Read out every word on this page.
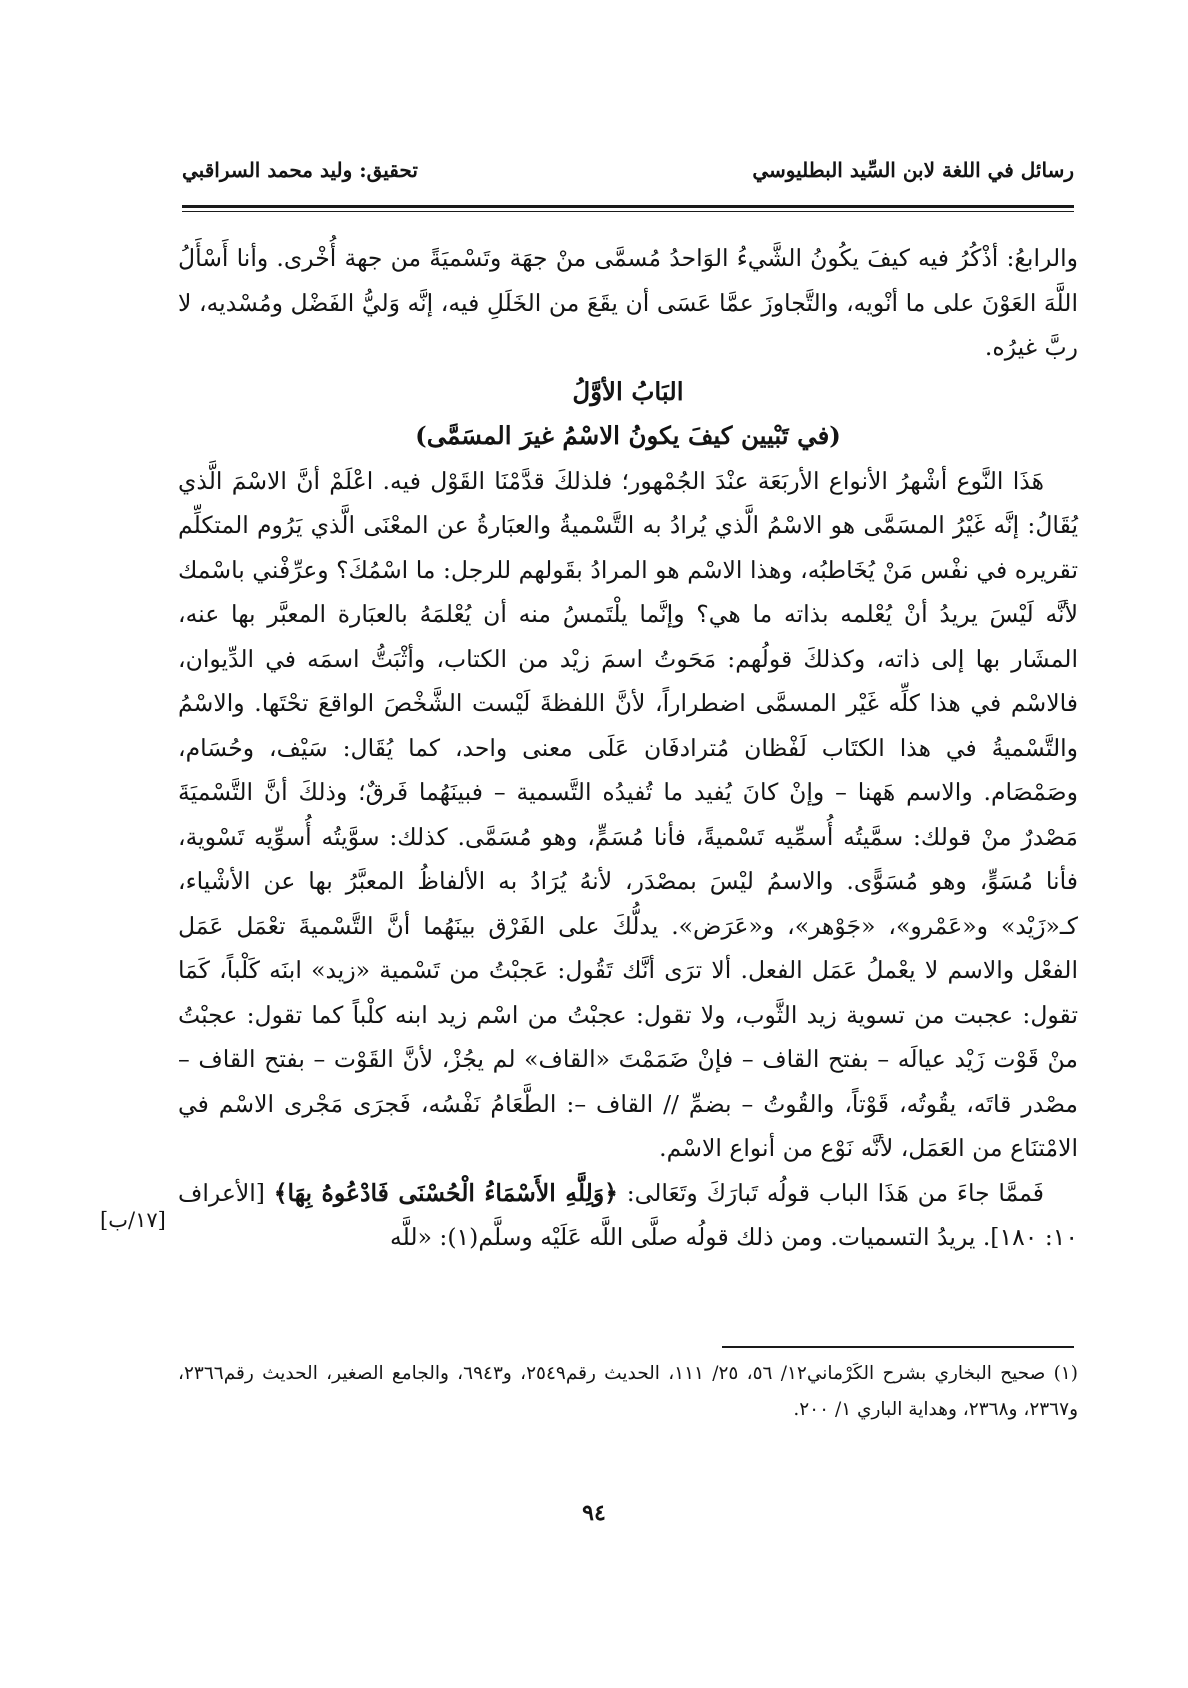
رسائل في اللغة لابن السِّيد البطليوسي
تحقيق: وليد محمد السراقبي

والرابعُ: أذْكُرُ فيه كيفَ يكُونُ الشَّيءُ الوَاحدُ مُسمَّى منْ جهَة وتَسْميَةً من جهة أُخْرى. وأنا أَسْأَلُ اللَّهَ العَوْنَ على ما أنْويه، والتَّجاوزَ عمَّا عَسَى أن يقَعَ من الخَلَلِ فيه، إنَّه وَليُّ الفَضْل ومُسْديه، لا ربَّ غيرُه.

البَابُ الأوَّلُ

(في تَبْيين كيفَ يكونُ الاسْمُ غيرَ المسَمَّى)

هَذَا النَّوع أشْهرُ الأنواع الأربَعَة عنْدَ الجُمْهور؛ فلذلكَ قدَّمْنَا القَوْل فيه. اعْلَمْ أنَّ الاسْمَ الَّذي يُقَالُ: إنَّه غَيْرُ المسَمَّى هو الاسْمُ الَّذي يُرادُ به التَّسْميةُ والعبَارةُ عن المعْنَى الَّذي يَرُوم المتكلِّم تقريره في نفْس مَنْ يُخَاطبُه، وهذا الاسْم هو المرادُ بقَولهم للرجل: ما اسْمُكَ؟ وعرِّفْني باسْمك لأنَّه لَيْسَ يريدُ أنْ يُعْلمه بذاته ما هي؟ وإنَّما يلْتَمسُ منه أن يُعْلمَهُ بالعبَارة المعبَّر بها عنه، المشَار بها إلى ذاته، وكذلكَ قولُهم: مَحَوتُ اسمَ زيْد من الكتاب، وأثْبَتُّ اسمَه في الدِّيوان، فالاسْم في هذا كلِّه غَيْر المسمَّى اضطراراً، لأنَّ اللفظةَ لَيْست الشَّخْصَ الواقعَ تحْتَها. والاسْمُ والتَّسْميةُ في هذا الكتَاب لَفْظان مُترادفَان عَلَى معنى واحد، كما يُقَال: سَيْف، وحُسَام، وصَمْصَام. والاسم هَهنا – وإنْ كانَ يُفيد ما تُفيدُه التَّسمية – فبينَهُما فَرقٌ؛ وذلكَ أنَّ التَّسْميَةَ مَصْدرٌ منْ قولك: سمَّيتُه أُسمِّيه تَسْميةً، فأنا مُسَمٍّ، وهو مُسَمَّى. كذلك: سوَّيتُه أُسوِّيه تَسْوية، فأنا مُسَوٍّ، وهو مُسَوًّى. والاسمُ ليْسَ بمصْدَر، لأنهُ يُرَادُ به الألفاظُ المعبَّرُ بها عن الأشْياء، كـ«زَيْد» و«عَمْرو»، «جَوْهر»، و«عَرَض». يدلُّكَ على الفَرْق بينَهُما أنَّ التَّسْميةَ تعْمَل عَمَل الفعْل والاسم لا يعْملُ عَمَل الفعل. ألا ترَى أنَّك تَقُول: عَجبْتُ من تَسْمية «زيد» ابنَه كَلْباً، كَمَا تقول: عجبت من تسوية زيد الثَّوب، ولا تقول: عجبْتُ من اسْم زيد ابنه كلْباً كما تقول: عجبْتُ منْ قَوْت زَيْد عيالَه – بفتح القاف – فإنْ ضَمَمْتَ «القاف» لم يجُزْ، لأنَّ القَوْت – بفتح القاف – مصْدر قاتَه، يقُوتُه، قَوْتاً، والقُوتُ – بضمِّ // القاف –: الطَّعَامُ نَفْسُه، فَجرَى مَجْرى الاسْم في الامْتنَاع من العَمَل، لأنَّه نَوْع من أنواع الاسْم.

فَممَّا جاءَ من هَذَا الباب قولُه تَبارَكَ وتَعَالى: ﴿وَلِلَّهِ الأَسْمَاءُ الْحُسْنَى فَادْعُوهُ بِهَا﴾ [الأعراف ١٠: ١٨٠]. يريدُ التسميات. ومن ذلك قولُه صلَّى اللَّه عَلَيْه وسلَّم(١): «للَّه

[١٧/ب]

(١) صحيح البخاري بشرح الكَرْماني١٢/ ٥٦، ٢٥/ ١١١، الحديث رقم٢٥٤٩، و٦٩٤٣، والجامع الصغير، الحديث رقم٢٣٦٦، و٢٣٦٧، و٢٣٦٨، وهداية الباري ١/ ٢٠٠.

٩٤
